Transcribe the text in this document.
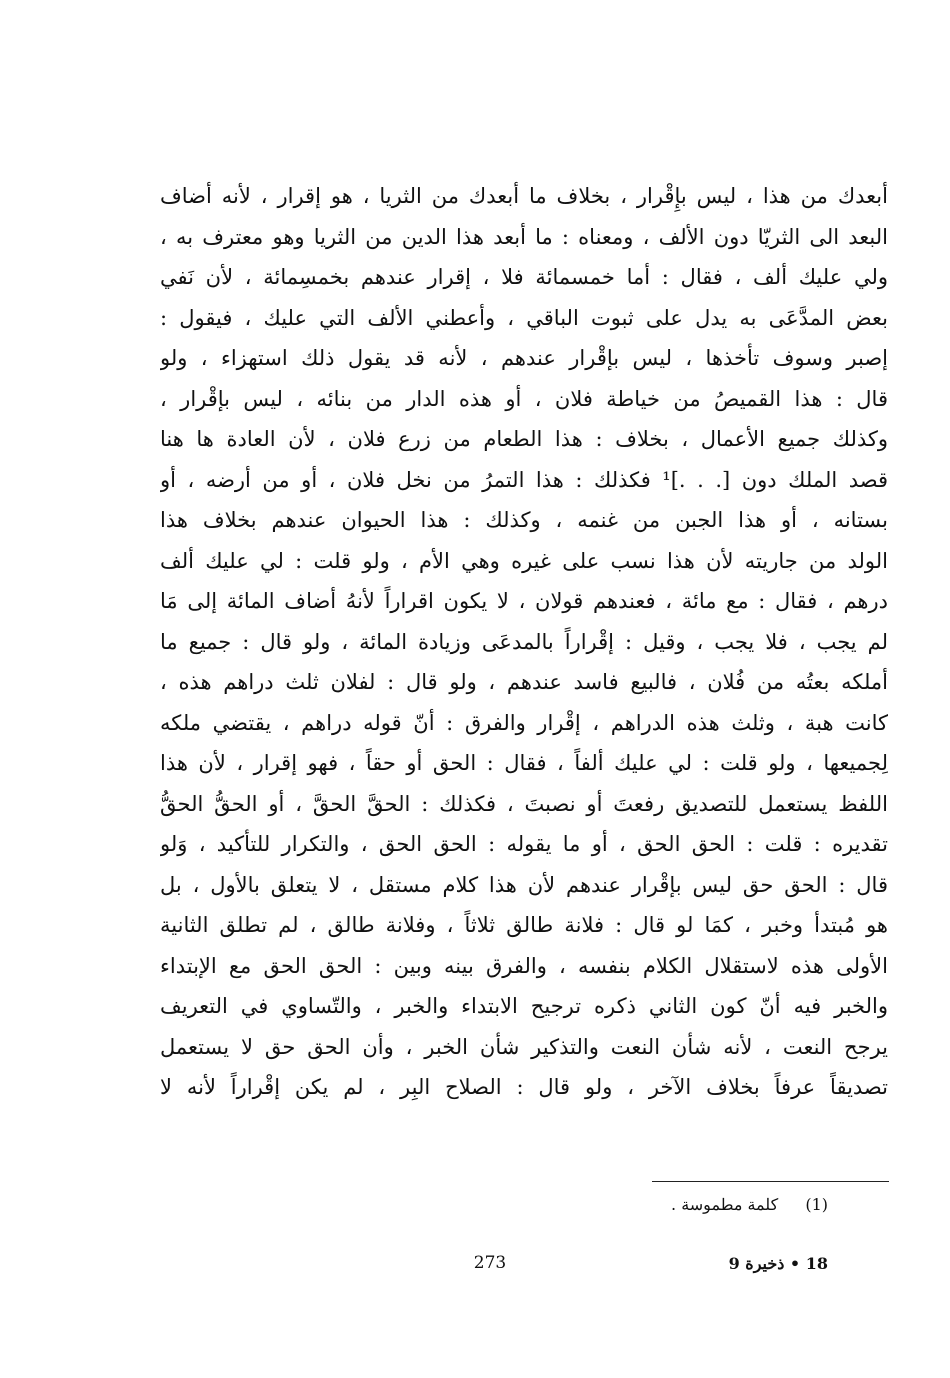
أبعدك من هذا ، ليس بإِقْرار ، بخلاف ما أبعدك من الثريا ، هو إقرار ، لأنه أضاف
البعد الى الثريّا دون الألف ، ومعناه : ما أبعد هذا الدين من الثريا وهو معترف به ،
ولي عليك ألف ، فقال : أما خمسمائة فلا ، إقرار عندهم بخمسِمائة ، لأن نَفي
بعض المدَّعَى به يدل على ثبوت الباقي ، وأعطني الألف التي عليك ، فيقول :
إصبر وسوف تأخذها ، ليس بإقْرار عندهم ، لأنه قد يقول ذلك استهزاء ، ولو
قال : هذا القميصُ من خياطة فلان ، أو هذه الدار من بنائه ، ليس بإقْرار ،
وكذلك جميع الأعمال ، بخلاف : هذا الطعام من زرع فلان ، لأن العادة ها هنا
قصد الملك دون [. . .]¹ فكذلك : هذا التمرُ من نخل فلان ، أو من أرضه ، أو
بستانه ، أو هذا الجبن من غنمه ، وكذلك : هذا الحيوان عندهم بخلاف هذا
الولد من جاريته لأن هذا نسب على غيره وهي الأم ، ولو قلت : لي عليك ألف
درهم ، فقال : مع مائة ، فعندهم قولان ، لا يكون اقراراً لأنهُ أضاف المائة إلى مَا
لم يجب ، فلا يجب ، وقيل : إقْراراً بالمدعَى وزيادة المائة ، ولو قال : جميع ما
أملكه بعتُه من فُلان ، فالبيع فاسد عندهم ، ولو قال : لفلان ثلث دراهم هذه ،
كانت هبة ، وثلث هذه الدراهم ، إقْرار والفرق : أنّ قوله دراهم ، يقتضي ملكه
لِجميعها ، ولو قلت : لي عليك ألفاً ، فقال : الحق أو حقاً ، فهو إقرار ، لأن هذا
اللفظ يستعمل للتصديق رفعتَ أو نصبتَ ، فكذلك : الحقَّ الحقَّ ، أو الحقُّ الحقُّ
تقديره : قلت : الحق الحق ، أو ما يقوله : الحق الحق ، والتكرار للتأكيد ، وَلو
قال : الحق حق ليس بإقْرار عندهم لأن هذا كلام مستقل ، لا يتعلق بالأول ، بل
هو مُبتدأ وخبر ، كمَا لو قال : فلانة طالق ثلاثاً ، وفلانة طالق ، لم تطلق الثانية
الأولى هذه لاستقلال الكلام بنفسه ، والفرق بينه وبين : الحق الحق مع الإبتداء
والخبر فيه أنّ كون الثاني ذكره ترجيح الابتداء والخبر ، والتّساوي في التعريف
يرجح النعت ، لأنه شأن النعت والتذكير شأن الخبر ، وأن الحق حق لا يستعمل
تصديقاً عرفاً بخلاف الآخر ، ولو قال : الصلاح البِر ، لم يكن إقْراراً لأنه لا
(1) كلمة مطموسة .
273	18 • ذخيرة 9
